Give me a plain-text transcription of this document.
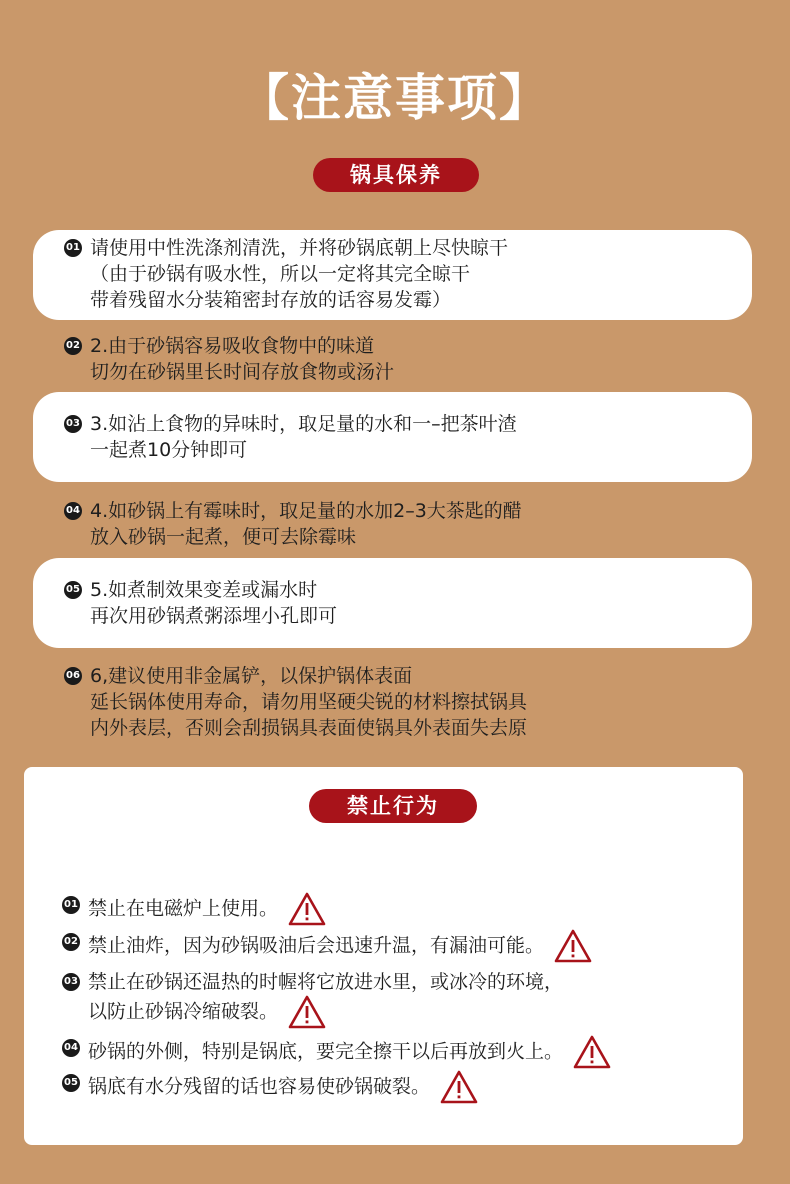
【注意事项】
锅具保养
01 请使用中性洗涤剂清洗，并将砂锅底朝上尽快晾干
（由于砂锅有吸水性，所以一定将其完全晾干
带着残留水分装箱密封存放的话容易发霉）
02 2.由于砂锅容易吸收食物中的味道
切勿在砂锅里长时间存放食物或汤汁
03 3.如沾上食物的异味时，取足量的水和一–把茶叶渣
一起煮10分钟即可
04 4.如砂锅上有霉味时，取足量的水加2–3大茶匙的醋
放入砂锅一起煮，便可去除霉味
05 5.如煮制效果变差或漏水时
再次用砂锅煮粥添埋小孔即可
06 6,建议使用非金属铲，以保护锅体表面
延长锅体使用寿命，请勿用坚硬尖锐的材料擦拭锅具
内外表层，否则会刮损锅具表面使锅具外表面失去原
禁止行为
01 禁止在电磁炉上使用。
02 禁止油炸，因为砂锅吸油后会迅速升温，有漏油可能。
03 禁止在砂锅还温热的时幄将它放进水里，或冰冷的环境，
以防止砂锅冷缩破裂。
04 砂锅的外侧，特别是锅底，要完全擦干以后再放到火上。
05 锅底有水分残留的话也容易使砂锅破裂。
